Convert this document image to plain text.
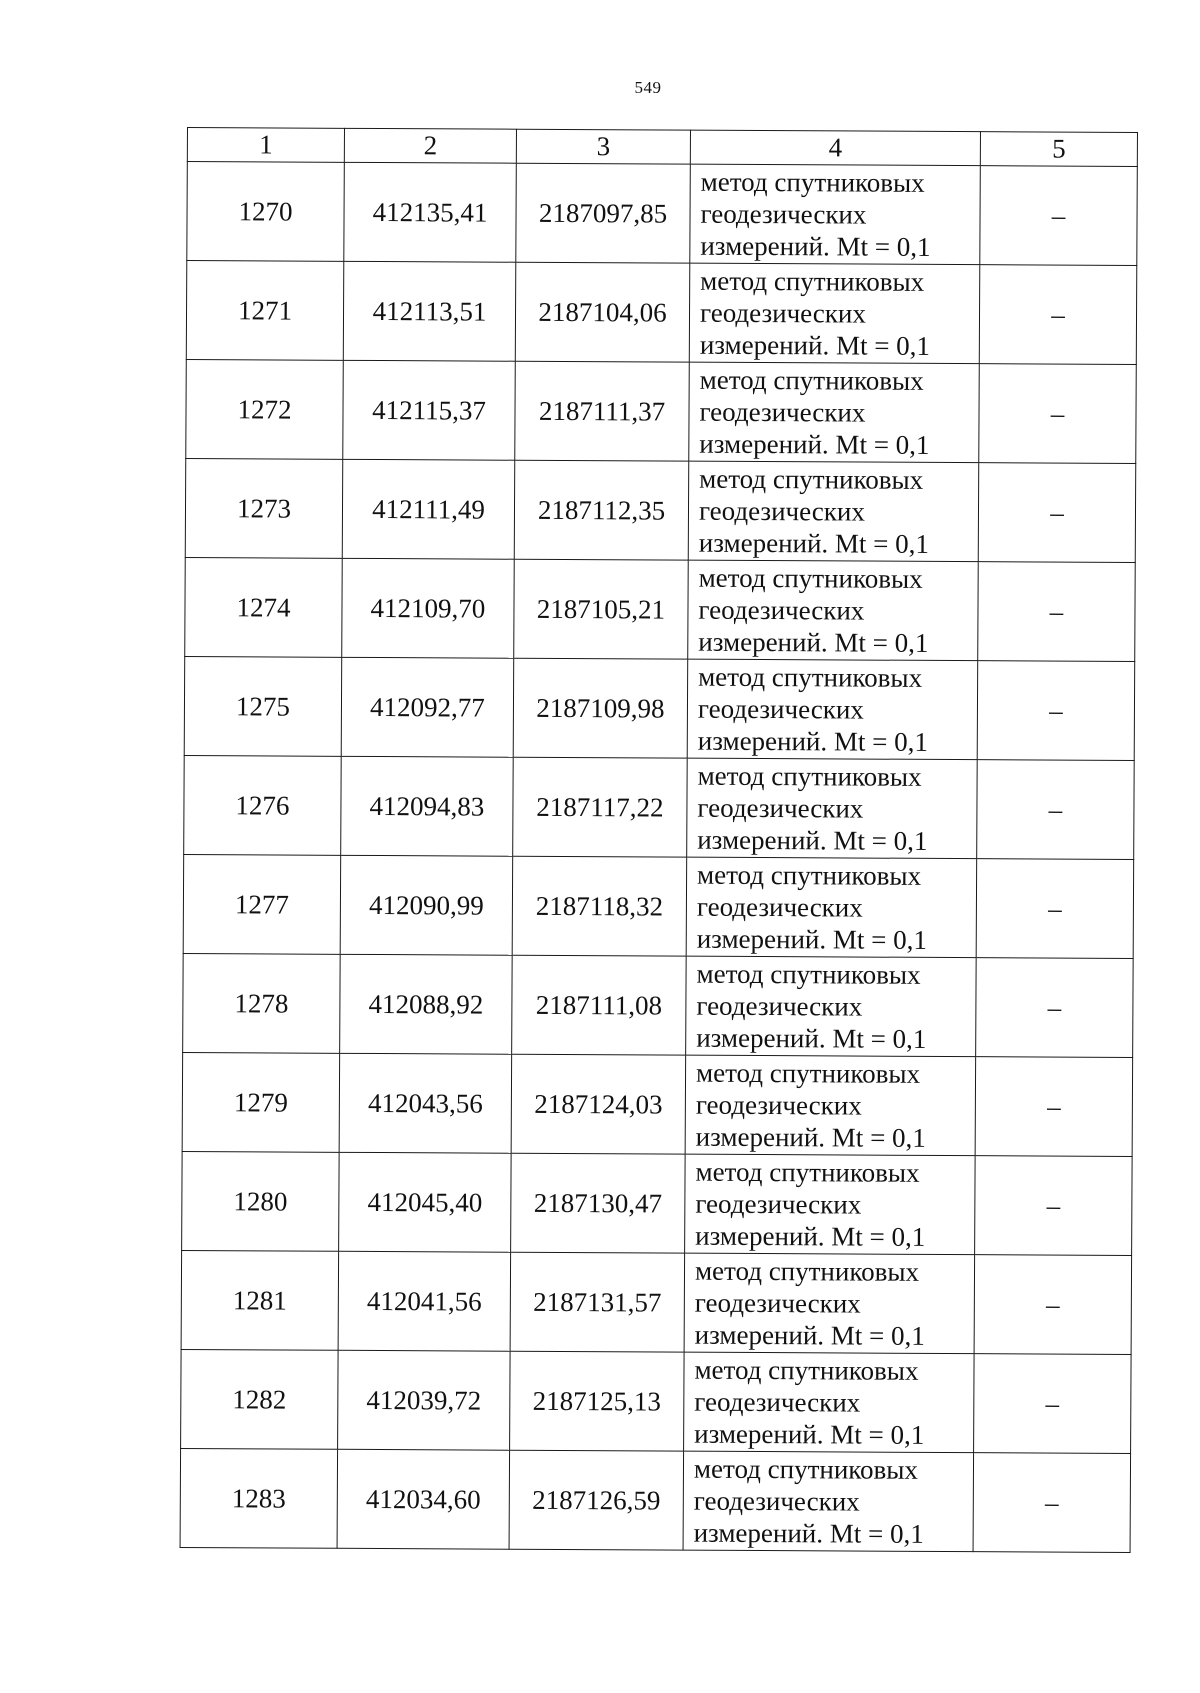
549
1	2	3	4	5
1270	412135,41	2187097,85	метод спутниковых
геодезических
измерений. Mt = 0,1	–
1271	412113,51	2187104,06	метод спутниковых
геодезических
измерений. Mt = 0,1	–
1272	412115,37	2187111,37	метод спутниковых
геодезических
измерений. Mt = 0,1	–
1273	412111,49	2187112,35	метод спутниковых
геодезических
измерений. Mt = 0,1	–
1274	412109,70	2187105,21	метод спутниковых
геодезических
измерений. Mt = 0,1	–
1275	412092,77	2187109,98	метод спутниковых
геодезических
измерений. Mt = 0,1	–
1276	412094,83	2187117,22	метод спутниковых
геодезических
измерений. Mt = 0,1	–
1277	412090,99	2187118,32	метод спутниковых
геодезических
измерений. Mt = 0,1	–
1278	412088,92	2187111,08	метод спутниковых
геодезических
измерений. Mt = 0,1	–
1279	412043,56	2187124,03	метод спутниковых
геодезических
измерений. Mt = 0,1	–
1280	412045,40	2187130,47	метод спутниковых
геодезических
измерений. Mt = 0,1	–
1281	412041,56	2187131,57	метод спутниковых
геодезических
измерений. Mt = 0,1	–
1282	412039,72	2187125,13	метод спутниковых
геодезических
измерений. Mt = 0,1	–
1283	412034,60	2187126,59	метод спутниковых
геодезических
измерений. Mt = 0,1	–
